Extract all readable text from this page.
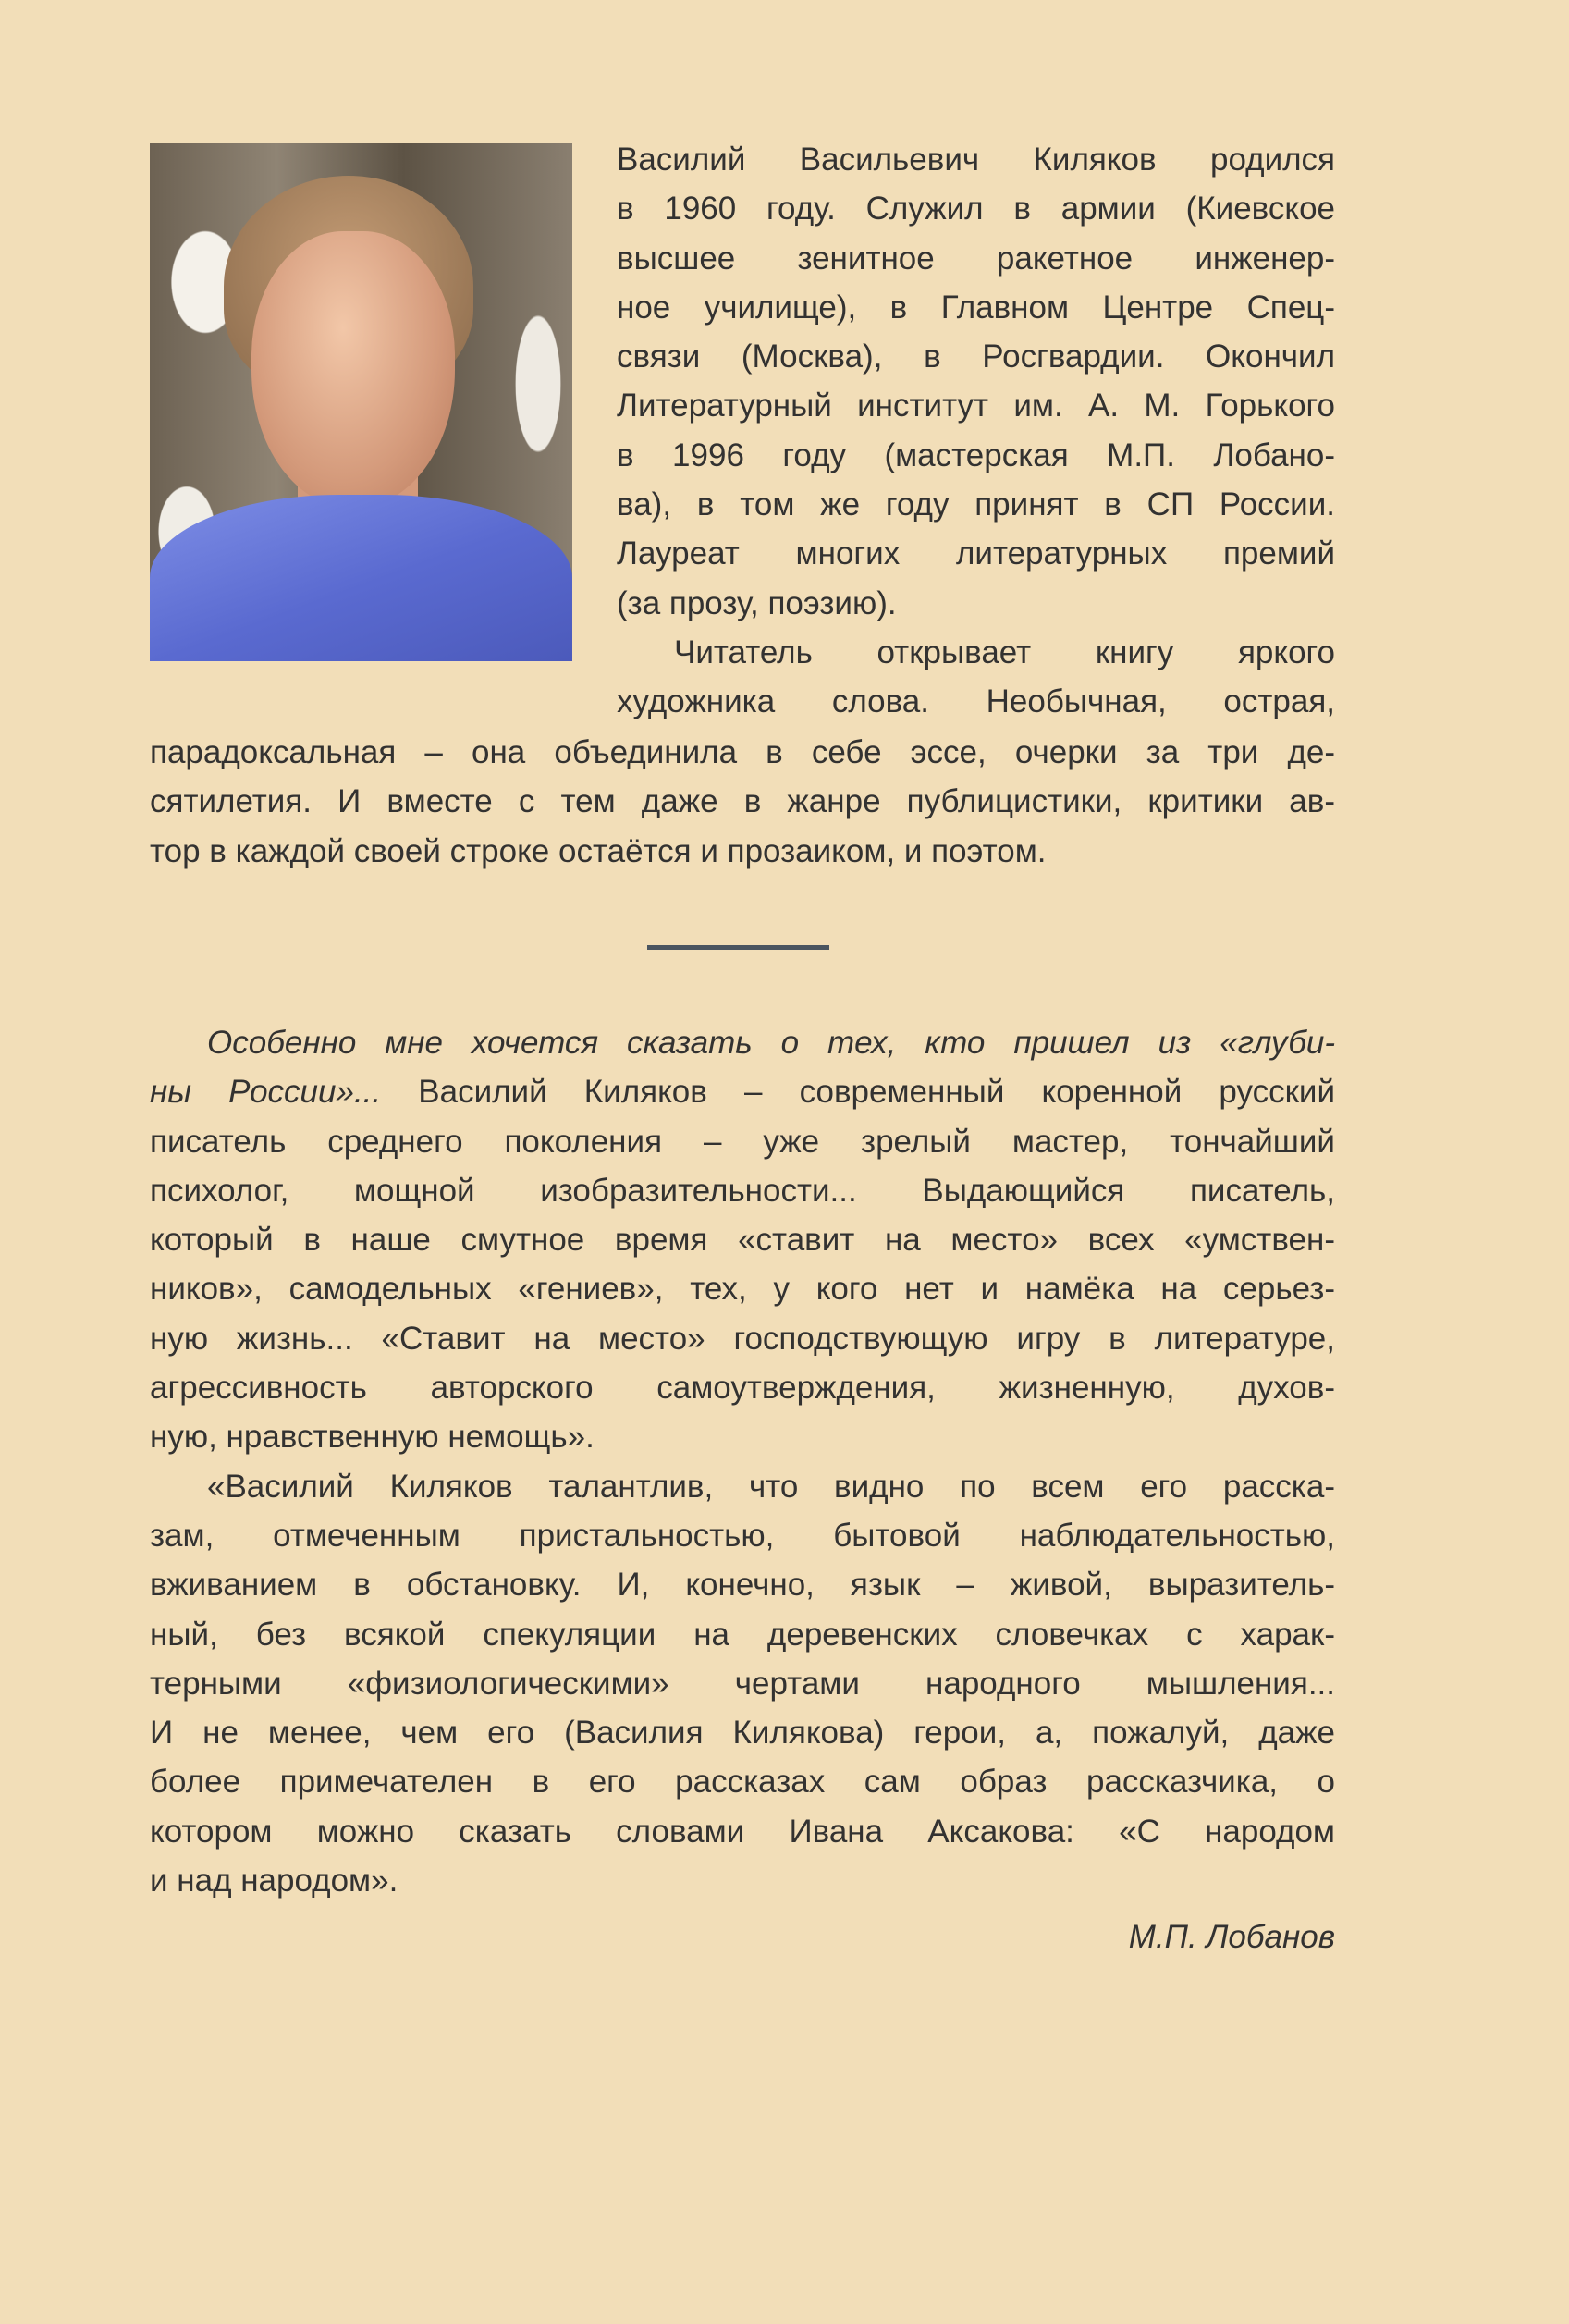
Василий Васильевич Киляков родился
в 1960 году. Служил в армии (Киевское
высшее зенитное ракетное инженер-
ное училище), в Главном Центре Спец-
связи (Москва), в Росгвардии. Окончил
Литературный институт им. А. М. Горького
в 1996 году (мастерская М.П. Лобано-
ва), в том же году принят в СП России.
Лауреат многих литературных премий
(за прозу, поэзию).
Читатель открывает книгу яркого
художника слова. Необычная, острая,
парадоксальная – она объединила в себе эссе, очерки за три де-
сятилетия. И вместе с тем даже в жанре публицистики, критики ав-
тор в каждой своей строке остаётся и прозаиком, и поэтом.
Особенно мне хочется сказать о тех, кто пришел из «глуби-
ны России»... Василий Киляков – современный коренной русский
писатель среднего поколения – уже зрелый мастер, тончайший
психолог, мощной изобразительности... Выдающийся писатель,
который в наше смутное время «ставит на место» всех «умствен-
ников», самодельных «гениев», тех, у кого нет и намёка на серьез-
ную жизнь... «Ставит на место» господствующую игру в литературе,
агрессивность авторского самоутверждения, жизненную, духов-
ную, нравственную немощь».
«Василий Киляков талантлив, что видно по всем его расска-
зам, отмеченным пристальностью, бытовой наблюдательностью,
вживанием в обстановку. И, конечно, язык – живой, выразитель-
ный, без всякой спекуляции на деревенских словечках с харак-
терными «физиологическими» чертами народного мышления...
И не менее, чем его (Василия Килякова) герои, а, пожалуй, даже
более примечателен в его рассказах сам образ рассказчика, о
котором можно сказать словами Ивана Аксакова: «С народом
и над народом».
М.П. Лобанов
